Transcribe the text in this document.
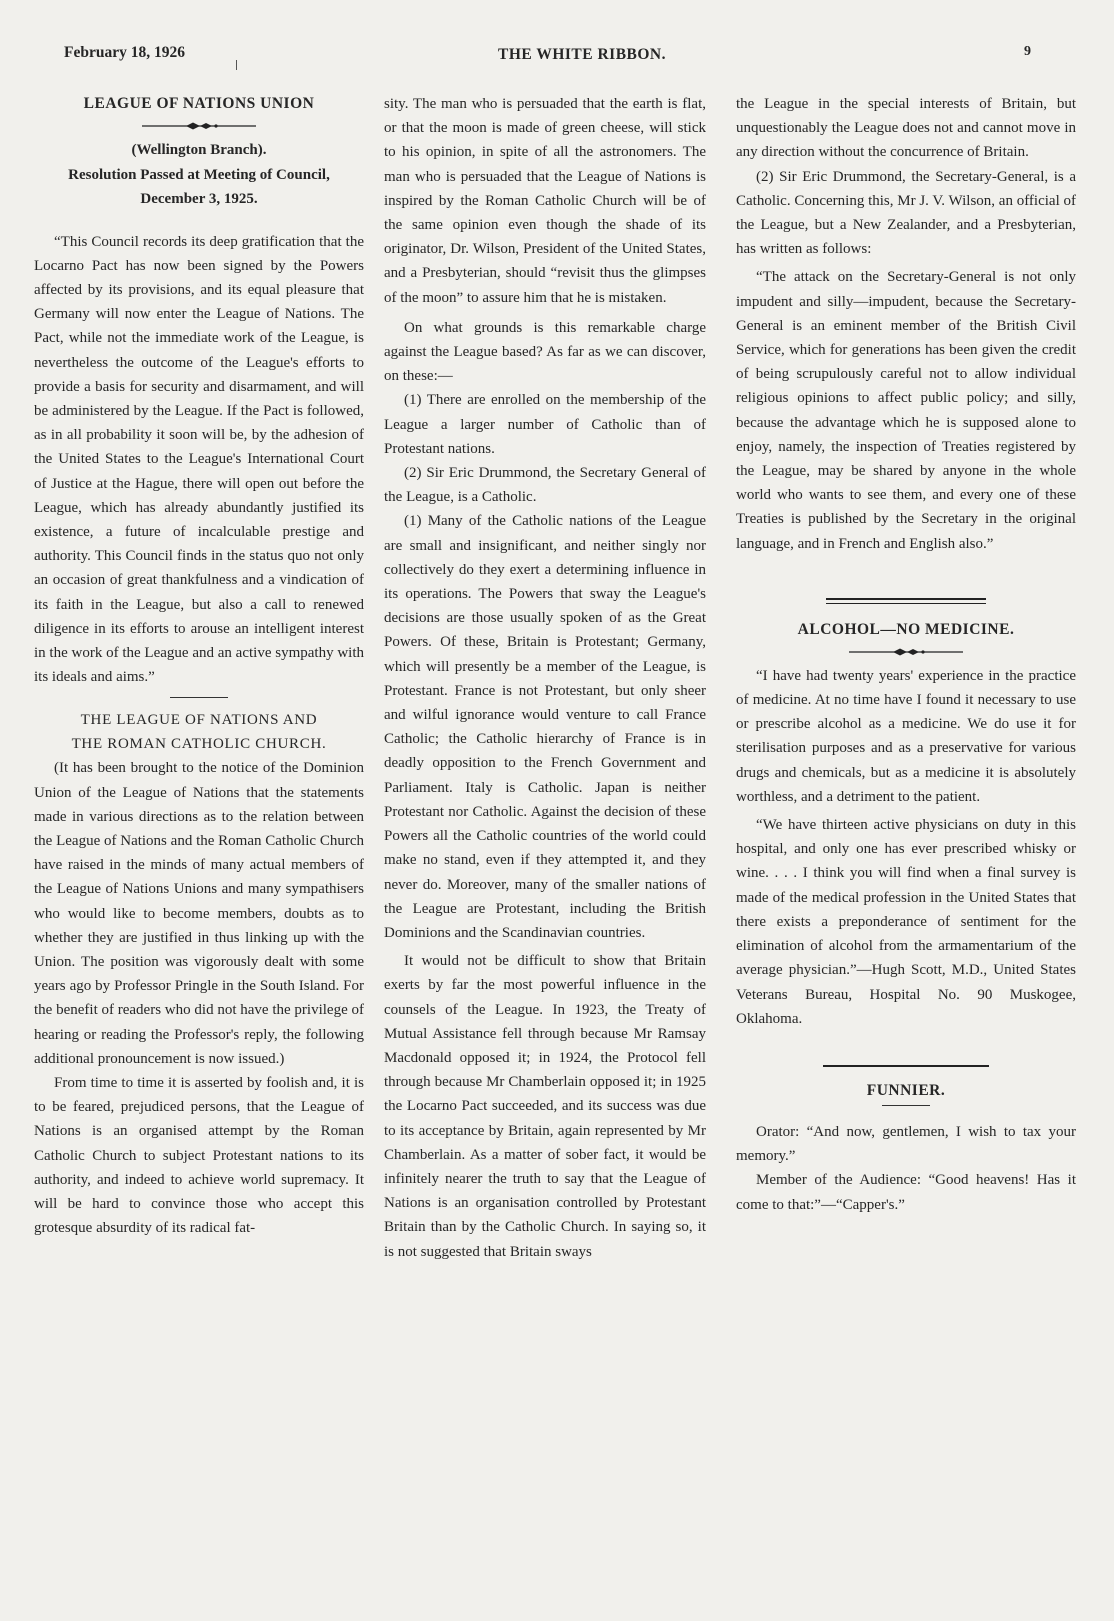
February 18, 1926	THE WHITE RIBBON.	9
LEAGUE OF NATIONS UNION
(Wellington Branch).
Resolution Passed at Meeting of Council,
December 3, 1925.

“This Council records its deep gratification that the Locarno Pact has now been signed by the Powers affected by its provisions, and its equal pleasure that Germany will now enter the League of Nations. The Pact, while not the immediate work of the League, is nevertheless the outcome of the League's efforts to provide a basis for security and disarmament, and will be administered by the League. If the Pact is followed, as in all probability it soon will be, by the adhesion of the United States to the League's International Court of Justice at the Hague, there will open out before the League, which has already abundantly justified its existence, a future of incalculable prestige and authority. This Council finds in the status quo not only an occasion of great thankfulness and a vindication of its faith in the League, but also a call to renewed diligence in its efforts to arouse an intelligent interest in the work of the League and an active sympathy with its ideals and aims.”

THE LEAGUE OF NATIONS AND
THE ROMAN CATHOLIC CHURCH.

(It has been brought to the notice of the Dominion Union of the League of Nations that the statements made in various directions as to the relation between the League of Nations and the Roman Catholic Church have raised in the minds of many actual members of the League of Nations Unions and many sympathisers who would like to become members, doubts as to whether they are justified in thus linking up with the Union. The position was vigorously dealt with some years ago by Professor Pringle in the South Island. For the benefit of readers who did not have the privilege of hearing or reading the Professor's reply, the following additional pronouncement is now issued.)

From time to time it is asserted by foolish and, it is to be feared, prejudiced persons, that the League of Nations is an organised attempt by the Roman Catholic Church to subject Protestant nations to its authority, and indeed to achieve world supremacy. It will be hard to convince those who accept this grotesque absurdity of its radical fat-

sity. The man who is persuaded that the earth is flat, or that the moon is made of green cheese, will stick to his opinion, in spite of all the astronomers. The man who is persuaded that the League of Nations is inspired by the Roman Catholic Church will be of the same opinion even though the shade of its originator, Dr. Wilson, President of the United States, and a Presbyterian, should “revisit thus the glimpses of the moon” to assure him that he is mistaken.

On what grounds is this remarkable charge against the League based? As far as we can discover, on these:—

(1) There are enrolled on the membership of the League a larger number of Catholic than of Protestant nations.

(2) Sir Eric Drummond, the Secretary General of the League, is a Catholic.

(1) Many of the Catholic nations of the League are small and insignificant, and neither singly nor collectively do they exert a determining influence in its operations. The Powers that sway the League's decisions are those usually spoken of as the Great Powers. Of these, Britain is Protestant; Germany, which will presently be a member of the League, is Protestant. France is not Protestant, but only sheer and wilful ignorance would venture to call France Catholic; the Catholic hierarchy of France is in deadly opposition to the French Government and Parliament. Italy is Catholic. Japan is neither Protestant nor Catholic. Against the decision of these Powers all the Catholic countries of the world could make no stand, even if they attempted it, and they never do. Moreover, many of the smaller nations of the League are Protestant, including the British Dominions and the Scandinavian countries.

It would not be difficult to show that Britain exerts by far the most powerful influence in the counsels of the League. In 1923, the Treaty of Mutual Assistance fell through because Mr Ramsay Macdonald opposed it; in 1924, the Protocol fell through because Mr Chamberlain opposed it; in 1925 the Locarno Pact succeeded, and its success was due to its acceptance by Britain, again represented by Mr Chamberlain. As a matter of sober fact, it would be infinitely nearer the truth to say that the League of Nations is an organisation controlled by Protestant Britain than by the Catholic Church. In saying so, it is not suggested that Britain sways

the League in the special interests of Britain, but unquestionably the League does not and cannot move in any direction without the concurrence of Britain.

(2) Sir Eric Drummond, the Secretary-General, is a Catholic. Concerning this, Mr J. V. Wilson, an official of the League, but a New Zealander, and a Presbyterian, has written as follows:

“The attack on the Secretary-General is not only impudent and silly—impudent, because the Secretary-General is an eminent member of the British Civil Service, which for generations has been given the credit of being scrupulously careful not to allow individual religious opinions to affect public policy; and silly, because the advantage which he is supposed alone to enjoy, namely, the inspection of Treaties registered by the League, may be shared by anyone in the whole world who wants to see them, and every one of these Treaties is published by the Secretary in the original language, and in French and English also.”

ALCOHOL—NO MEDICINE.

“I have had twenty years' experience in the practice of medicine. At no time have I found it necessary to use or prescribe alcohol as a medicine. We do use it for sterilisation purposes and as a preservative for various drugs and chemicals, but as a medicine it is absolutely worthless, and a detriment to the patient.

“We have thirteen active physicians on duty in this hospital, and only one has ever prescribed whisky or wine. . . . I think you will find when a final survey is made of the medical profession in the United States that there exists a preponderance of sentiment for the elimination of alcohol from the armamentarium of the average physician.”—Hugh Scott, M.D., United States Veterans Bureau, Hospital No. 90 Muskogee, Oklahoma.

FUNNIER.

Orator: “And now, gentlemen, I wish to tax your memory.”

Member of the Audience: “Good heavens! Has it come to that:”—“Capper's.”
